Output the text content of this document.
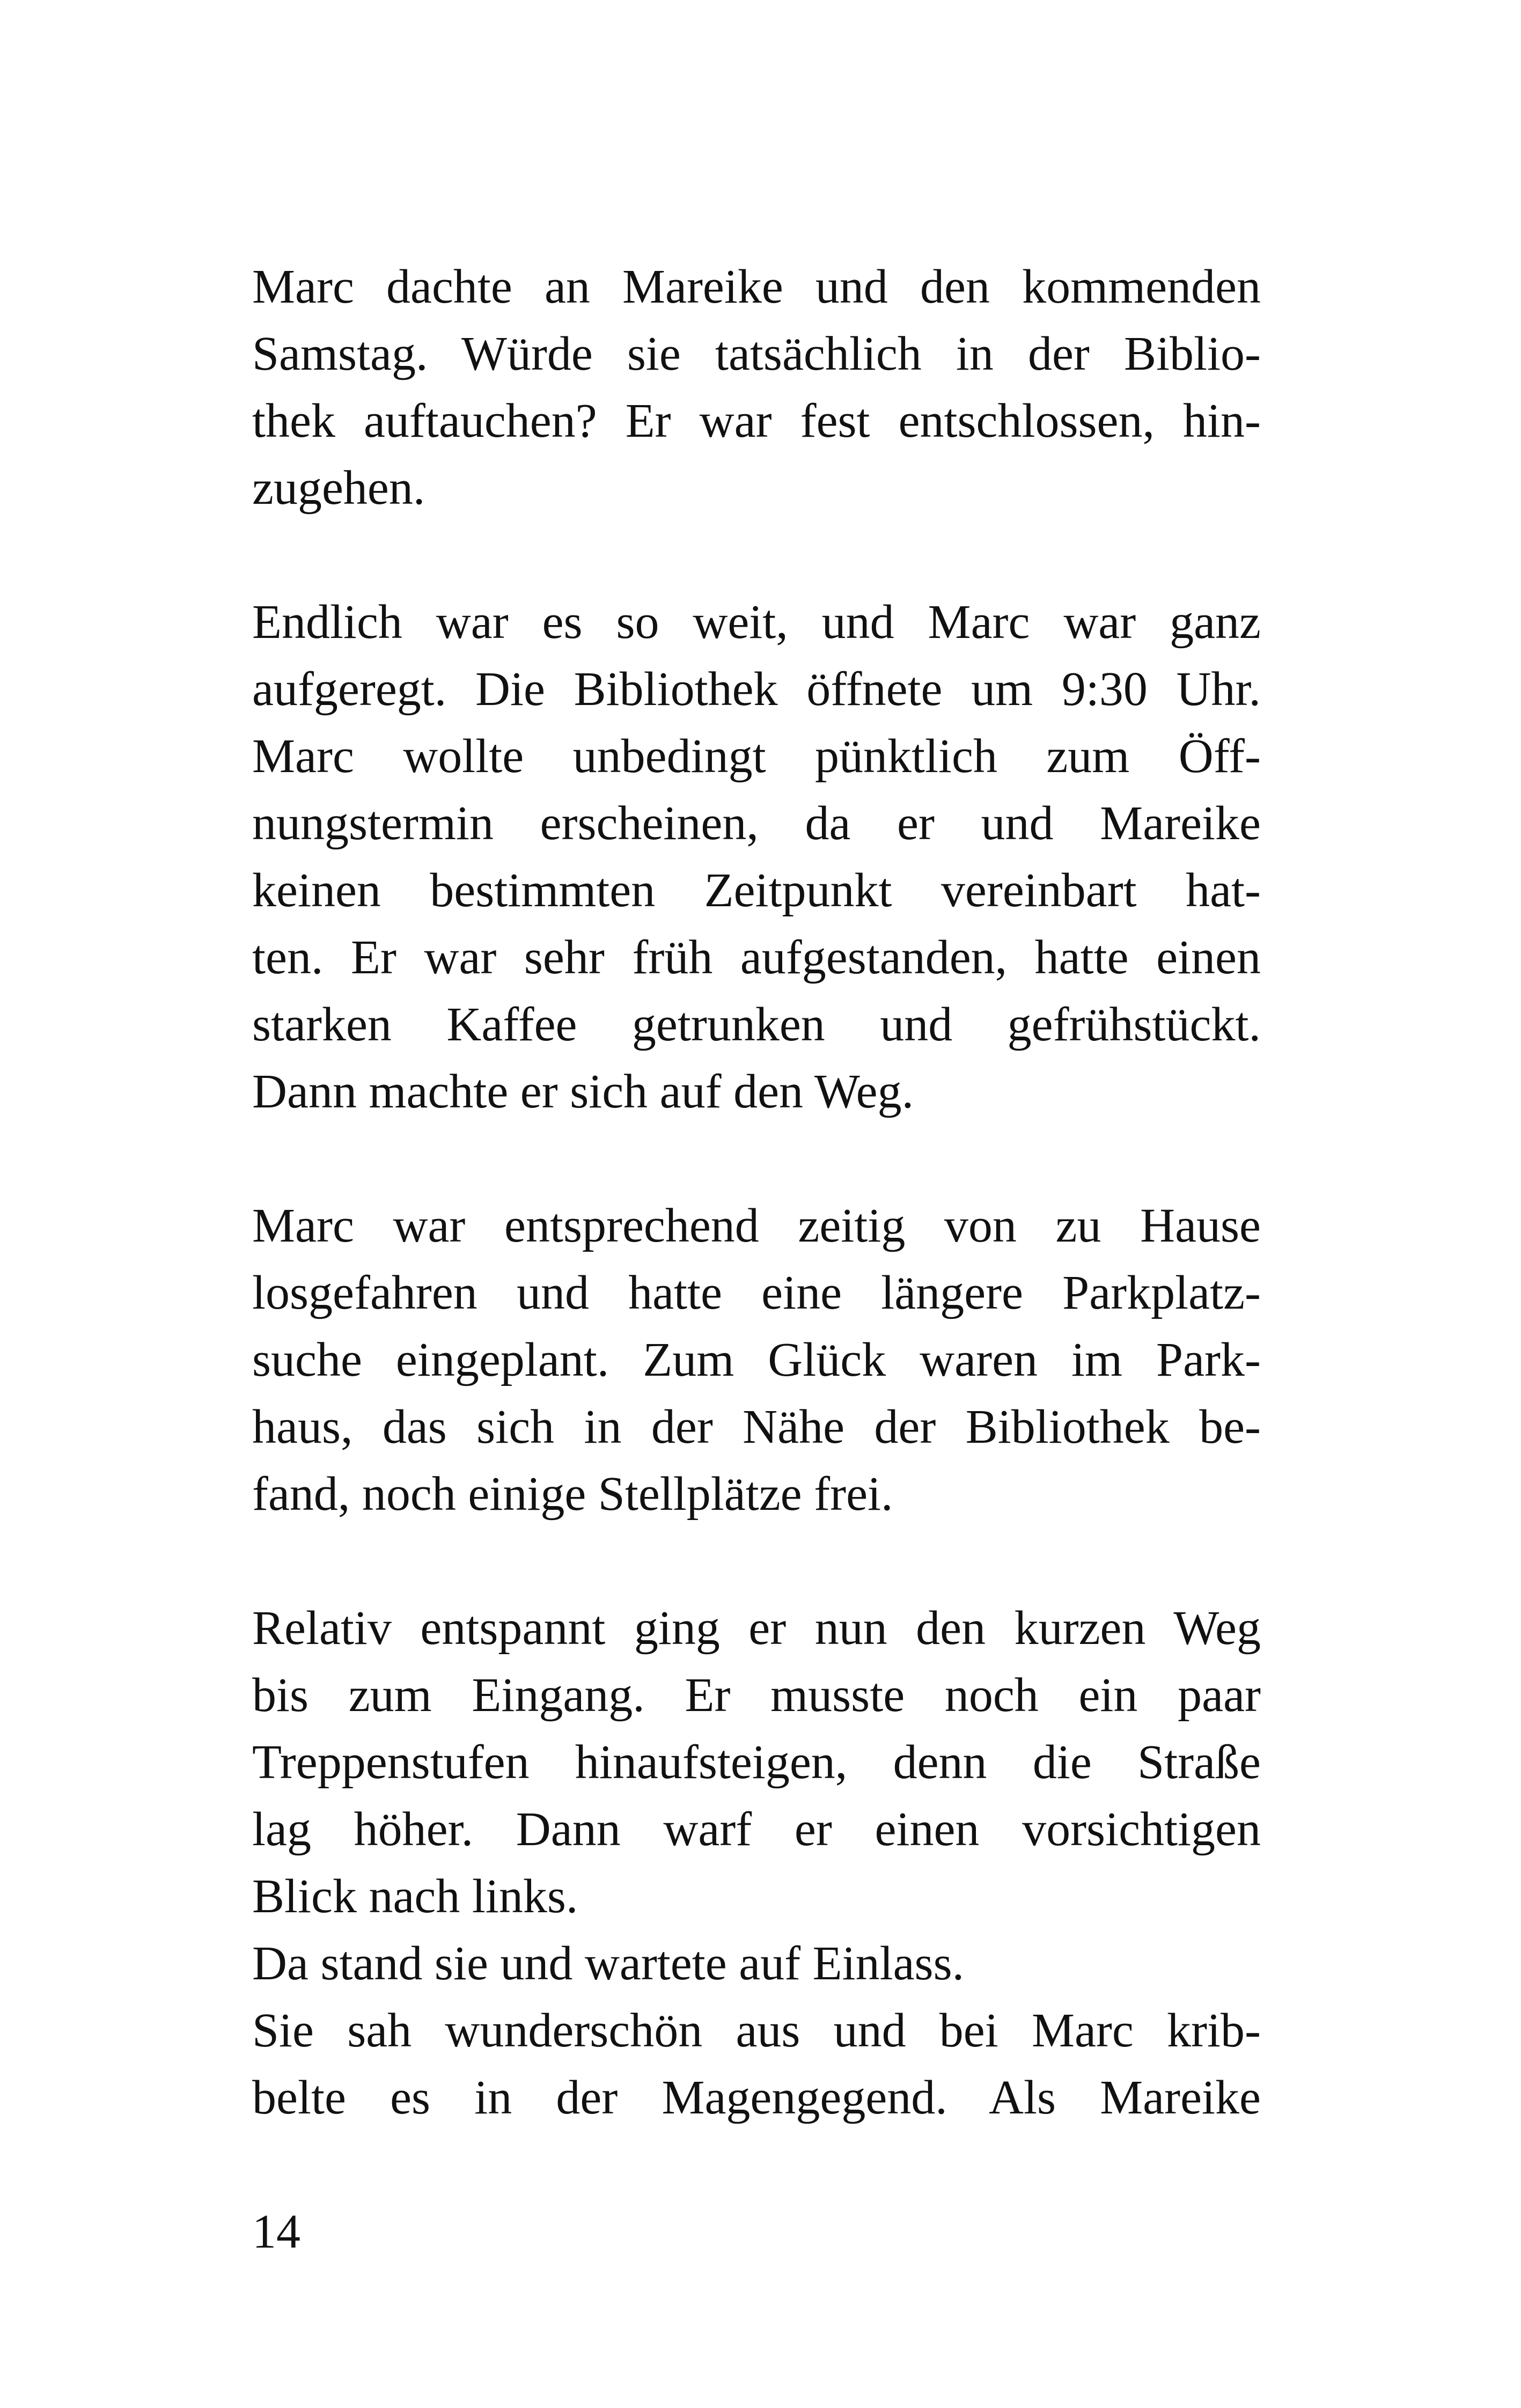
Marc dachte an Mareike und den kommenden
Samstag. Würde sie tatsächlich in der Biblio-
thek auftauchen? Er war fest entschlossen, hin-
zugehen.
Endlich war es so weit, und Marc war ganz
aufgeregt. Die Bibliothek öffnete um 9:30 Uhr.
Marc wollte unbedingt pünktlich zum Öff-
nungstermin erscheinen, da er und Mareike
keinen bestimmten Zeitpunkt vereinbart hat-
ten. Er war sehr früh aufgestanden, hatte einen
starken Kaffee getrunken und gefrühstückt.
Dann machte er sich auf den Weg.
Marc war entsprechend zeitig von zu Hause
losgefahren und hatte eine längere Parkplatz-
suche eingeplant. Zum Glück waren im Park-
haus, das sich in der Nähe der Bibliothek be-
fand, noch einige Stellplätze frei.
Relativ entspannt ging er nun den kurzen Weg
bis zum Eingang. Er musste noch ein paar
Treppenstufen hinaufsteigen, denn die Straße
lag höher. Dann warf er einen vorsichtigen
Blick nach links.
Da stand sie und wartete auf Einlass.
Sie sah wunderschön aus und bei Marc krib-
belte es in der Magengegend. Als Mareike
14
